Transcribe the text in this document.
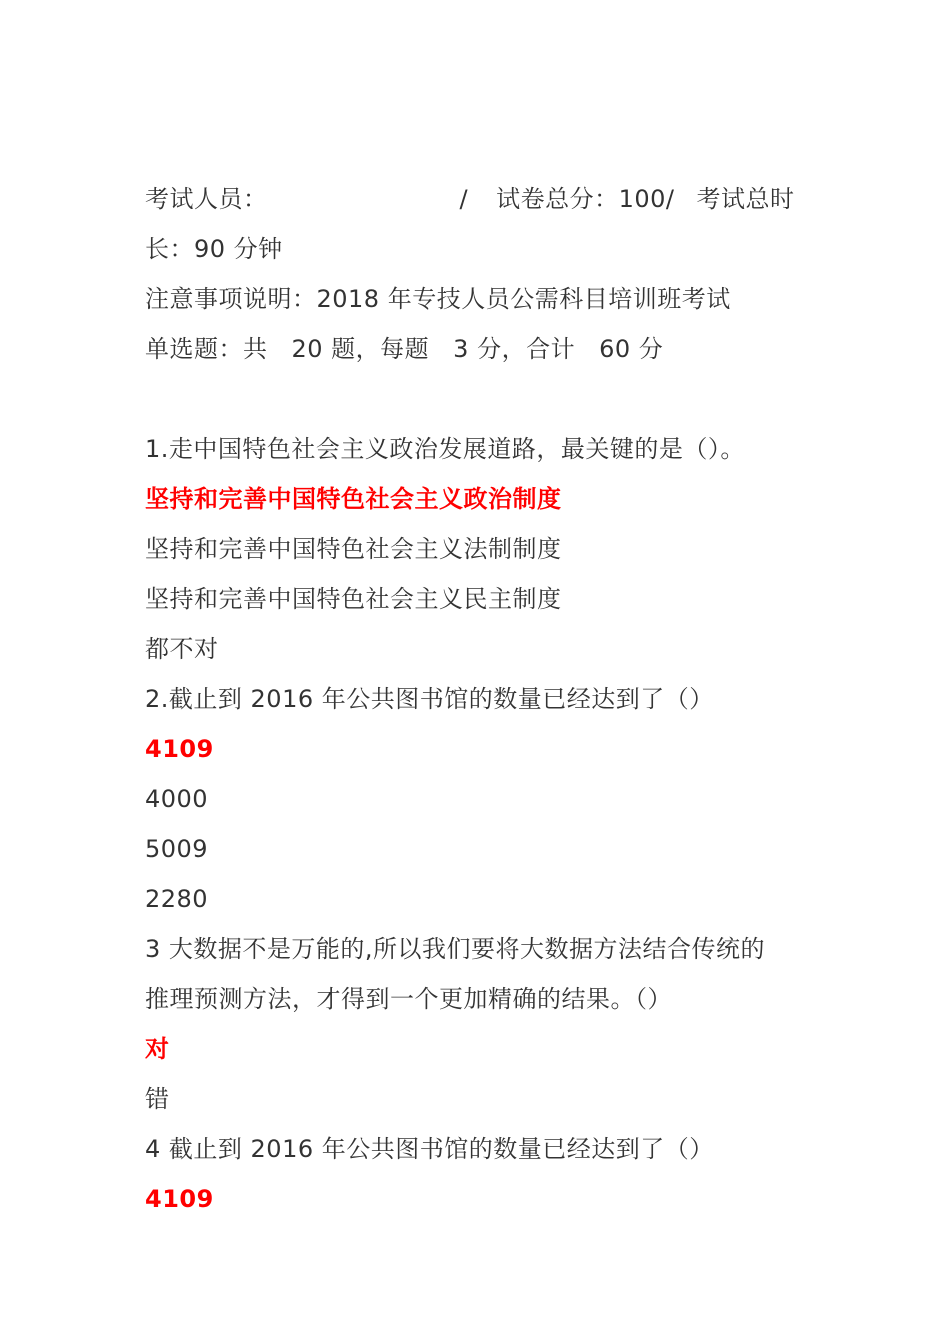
考试人员：	/ 试卷总分：100/ 考试总时
长：90 分钟
注意事项说明：2018 年专技人员公需科目培训班考试
单选题：共 20 题，每题 3 分，合计 60 分
1.走中国特色社会主义政治发展道路，最关键的是（）。
坚持和完善中国特色社会主义政治制度
坚持和完善中国特色社会主义法制制度
坚持和完善中国特色社会主义民主制度
都不对
2.截止到 2016 年公共图书馆的数量已经达到了（）
4109
4000
5009
2280
3 大数据不是万能的,所以我们要将大数据方法结合传统的
推理预测方法，才得到一个更加精确的结果。（）
对
错
4 截止到 2016 年公共图书馆的数量已经达到了（）
4109
